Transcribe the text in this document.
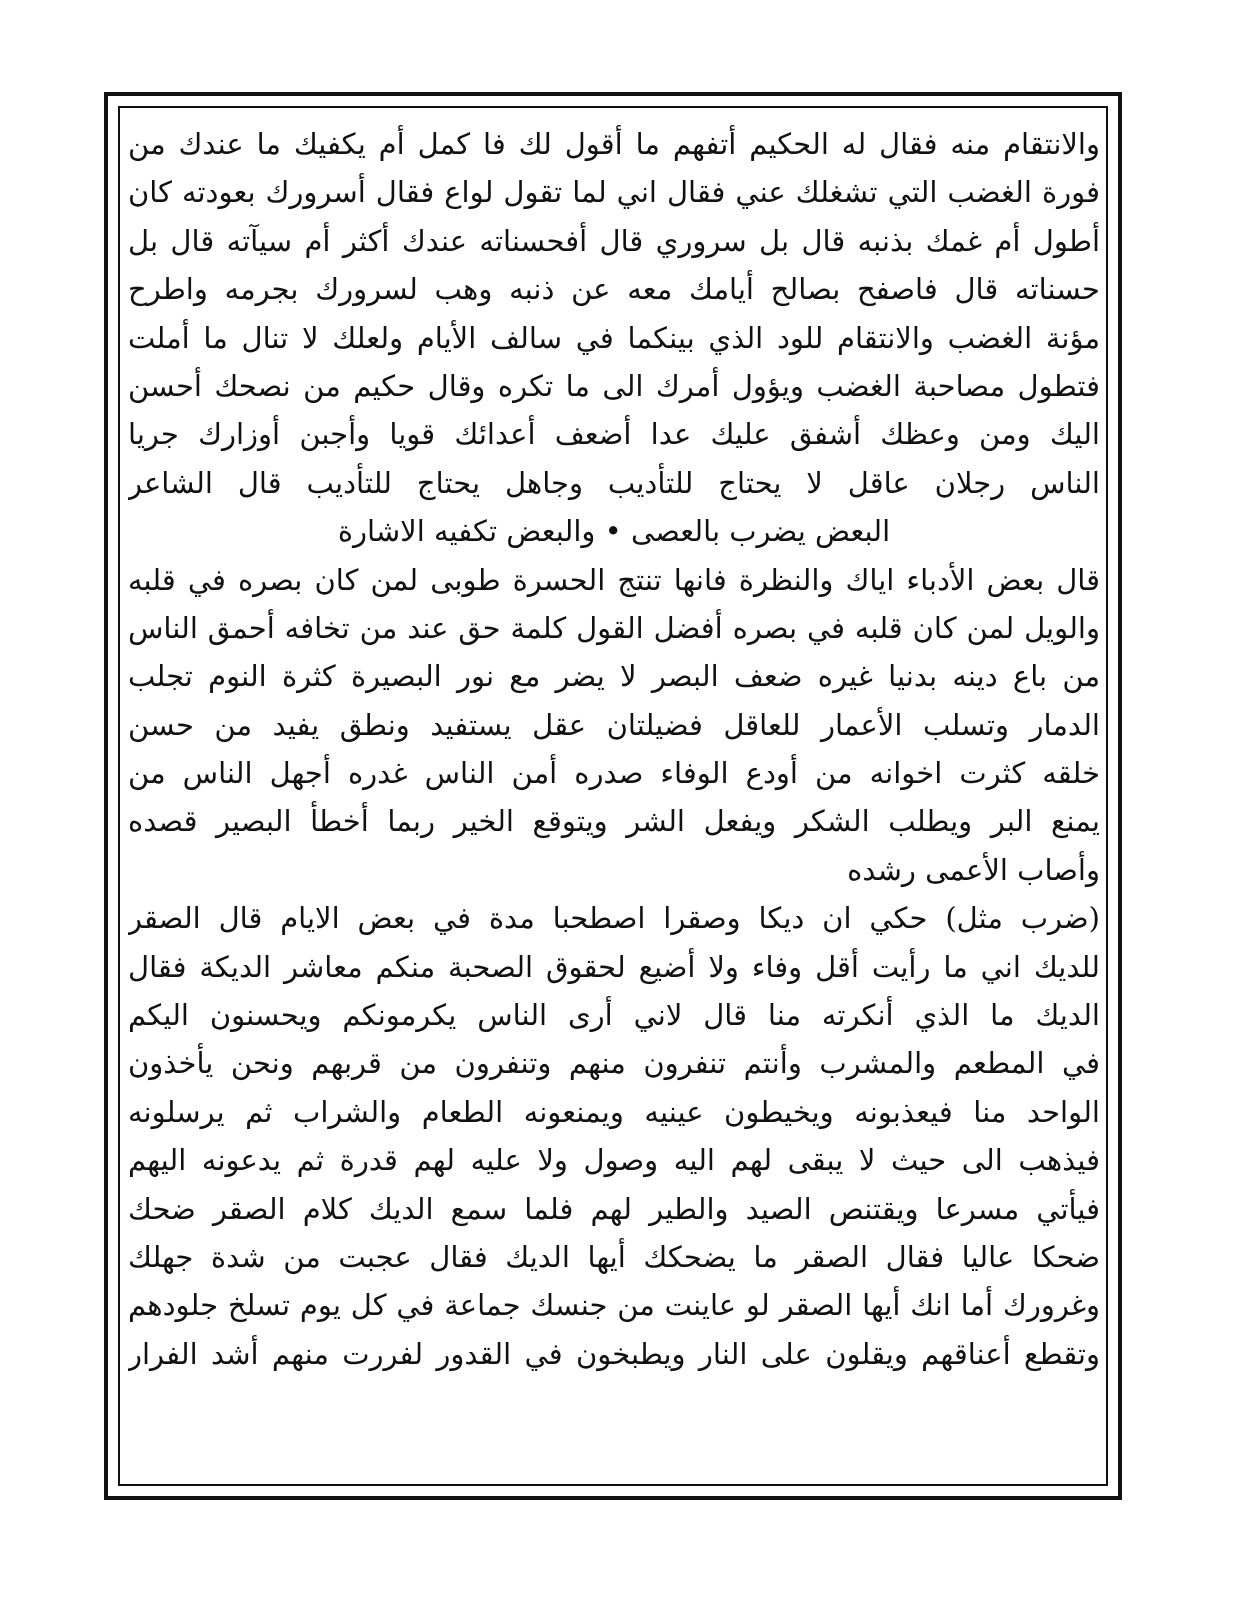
والانتقام منه فقال له الحكيم أتفهم ما أقول لك فا كمل أم يكفيك ما عندك من
فورة الغضب التي تشغلك عني فقال اني لما تقول لواع فقال أسرورك بعودته كان
أطول أم غمك بذنبه قال بل سروري قال أفحسناته عندك أكثر أم سيآته قال بل
حسناته قال فاصفح بصالح أيامك معه عن ذنبه وهب لسرورك بجرمه واطرح
مؤنة الغضب والانتقام للود الذي بينكما في سالف الأيام ولعلك لا تنال ما أملت
فتطول مصاحبة الغضب ويؤول أمرك الى ما تكره وقال حكيم من نصحك أحسن
اليك ومن وعظك أشفق عليك عدا أضعف أعدائك قويا وأجبن أوزارك جريا
الناس رجلان عاقل لا يحتاج للتأديب وجاهل يحتاج للتأديب قال الشاعر
البعض يضرب بالعصى • والبعض تكفيه الاشارة
قال بعض الأدباء اياك والنظرة فانها تنتج الحسرة طوبى لمن كان بصره في قلبه
والويل لمن كان قلبه في بصره أفضل القول كلمة حق عند من تخافه أحمق الناس
من باع دينه بدنيا غيره ضعف البصر لا يضر مع نور البصيرة كثرة النوم تجلب
الدمار وتسلب الأعمار للعاقل فضيلتان عقل يستفيد ونطق يفيد من حسن
خلقه كثرت اخوانه من أودع الوفاء صدره أمن الناس غدره أجهل الناس من
يمنع البر ويطلب الشكر ويفعل الشر ويتوقع الخير ربما أخطأ البصير قصده
وأصاب الأعمى رشده
(ضرب مثل) حكي ان ديكا وصقرا اصطحبا مدة في بعض الايام قال الصقر
للديك اني ما رأيت أقل وفاء ولا أضيع لحقوق الصحبة منكم معاشر الديكة فقال
الديك ما الذي أنكرته منا قال لاني أرى الناس يكرمونكم ويحسنون اليكم
في المطعم والمشرب وأنتم تنفرون منهم وتنفرون من قربهم ونحن يأخذون
الواحد منا فيعذبونه ويخيطون عينيه ويمنعونه الطعام والشراب ثم يرسلونه
فيذهب الى حيث لا يبقى لهم اليه وصول ولا عليه لهم قدرة ثم يدعونه اليهم
فيأتي مسرعا ويقتنص الصيد والطير لهم فلما سمع الديك كلام الصقر ضحك
ضحكا عاليا فقال الصقر ما يضحكك أيها الديك فقال عجبت من شدة جهلك
وغرورك أما انك أيها الصقر لو عاينت من جنسك جماعة في كل يوم تسلخ جلودهم
وتقطع أعناقهم ويقلون على النار ويطبخون في القدور لفررت منهم أشد الفرار
